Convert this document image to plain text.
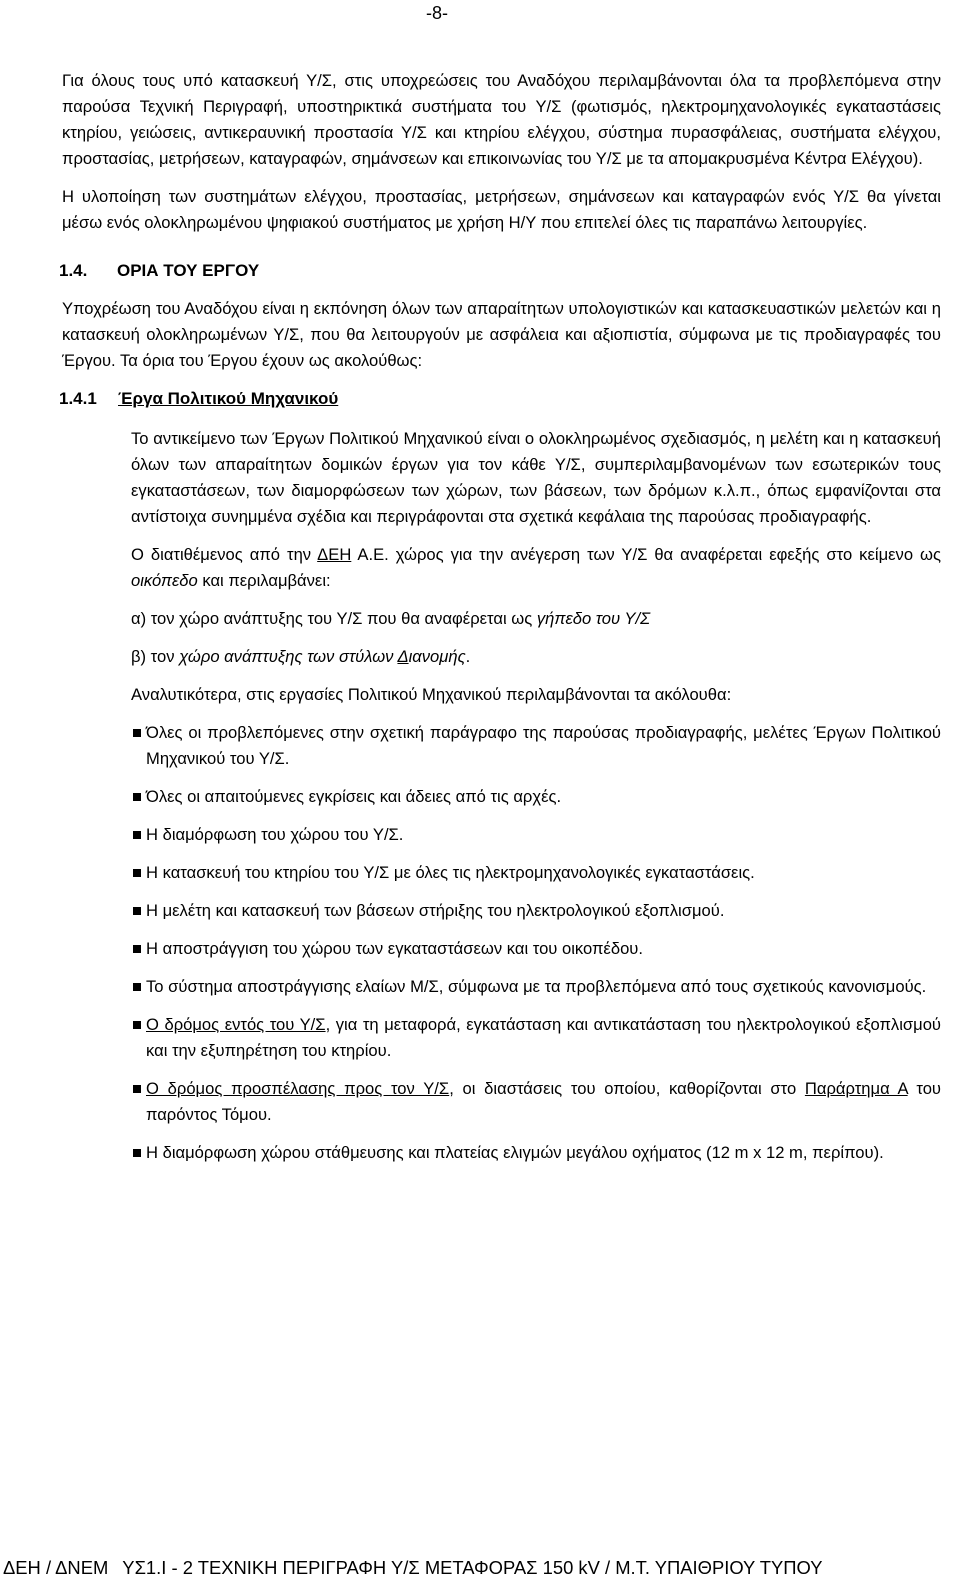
-8-

Για όλους τους υπό κατασκευή Υ/Σ, στις υποχρεώσεις του Αναδόχου περιλαμβάνονται όλα τα προβλεπόμενα στην παρούσα Τεχνική Περιγραφή, υποστηρικτικά συστήματα του Υ/Σ (φωτισμός, ηλεκτρομηχανολογικές εγκαταστάσεις κτηρίου, γειώσεις, αντικεραυνική προστασία Υ/Σ και κτηρίου ελέγχου, σύστημα πυρασφάλειας, συστήματα ελέγχου, προστασίας, μετρήσεων, καταγραφών, σημάνσεων και επικοινωνίας του Υ/Σ με τα απομακρυσμένα Κέντρα Ελέγχου).

Η υλοποίηση των συστημάτων ελέγχου, προστασίας, μετρήσεων, σημάνσεων και καταγραφών ενός Υ/Σ θα γίνεται μέσω ενός ολοκληρωμένου ψηφιακού συστήματος με χρήση Η/Υ που επιτελεί όλες τις παραπάνω λειτουργίες.

1.4. ΟΡΙΑ ΤΟΥ ΕΡΓΟΥ

Υποχρέωση του Αναδόχου είναι η εκπόνηση όλων των απαραίτητων υπολογιστικών και κατασκευαστικών μελετών και η κατασκευή ολοκληρωμένων Υ/Σ, που θα λειτουργούν με ασφάλεια και αξιοπιστία, σύμφωνα με τις προδιαγραφές του Έργου. Τα όρια του Έργου έχουν ως ακολούθως:

1.4.1 Έργα Πολιτικού Μηχανικού

Το αντικείμενο των Έργων Πολιτικού Μηχανικού είναι ο ολοκληρωμένος σχεδιασμός, η μελέτη και η κατασκευή όλων των απαραίτητων δομικών έργων για τον κάθε Υ/Σ, συμπεριλαμβανομένων των εσωτερικών τους εγκαταστάσεων, των διαμορφώσεων των χώρων, των βάσεων, των δρόμων κ.λ.π., όπως εμφανίζονται στα αντίστοιχα συνημμένα σχέδια και περιγράφονται στα σχετικά κεφάλαια της παρούσας προδιαγραφής.

Ο διατιθέμενος από την ΔΕΗ Α.Ε. χώρος για την ανέγερση των Υ/Σ θα αναφέρεται εφεξής στο κείμενο ως οικόπεδο και περιλαμβάνει:

α) τον χώρο ανάπτυξης του Υ/Σ που θα αναφέρεται ως γήπεδο του Υ/Σ

β) τον χώρο ανάπτυξης των στύλων Διανομής.

Αναλυτικότερα, στις εργασίες Πολιτικού Μηχανικού περιλαμβάνονται τα ακόλουθα:

Όλες οι προβλεπόμενες στην σχετική παράγραφο της παρούσας προδιαγραφής, μελέτες Έργων Πολιτικού Μηχανικού του Υ/Σ.
Όλες οι απαιτούμενες εγκρίσεις και άδειες από τις αρχές.
Η διαμόρφωση του χώρου του Υ/Σ.
Η κατασκευή του κτηρίου του Υ/Σ με όλες τις ηλεκτρομηχανολογικές εγκαταστάσεις.
Η μελέτη και κατασκευή των βάσεων στήριξης του ηλεκτρολογικού εξοπλισμού.
Η αποστράγγιση του χώρου των εγκαταστάσεων και του οικοπέδου.
Το σύστημα αποστράγγισης ελαίων Μ/Σ, σύμφωνα με τα προβλεπόμενα από τους σχετικούς κανονισμούς.
Ο δρόμος εντός του Υ/Σ, για τη μεταφορά, εγκατάσταση και αντικατάσταση του ηλεκτρολογικού εξοπλισμού και την εξυπηρέτηση του κτηρίου.
Ο δρόμος προσπέλασης προς τον Υ/Σ, οι διαστάσεις του οποίου, καθορίζονται στο Παράρτημα Α του παρόντος Τόμου.
Η διαμόρφωση χώρου στάθμευσης και πλατείας ελιγμών μεγάλου οχήματος (12 m x 12 m, περίπου).
ΔΕΗ / ΔΝΕΜ ΥΣ1.Ι - 2 ΤΕΧΝΙΚΗ ΠΕΡΙΓΡΑΦΗ Υ/Σ ΜΕΤΑΦΟΡΑΣ 150 kV / Μ.Τ. ΥΠΑΙΘΡΙΟΥ ΤΥΠΟΥ
